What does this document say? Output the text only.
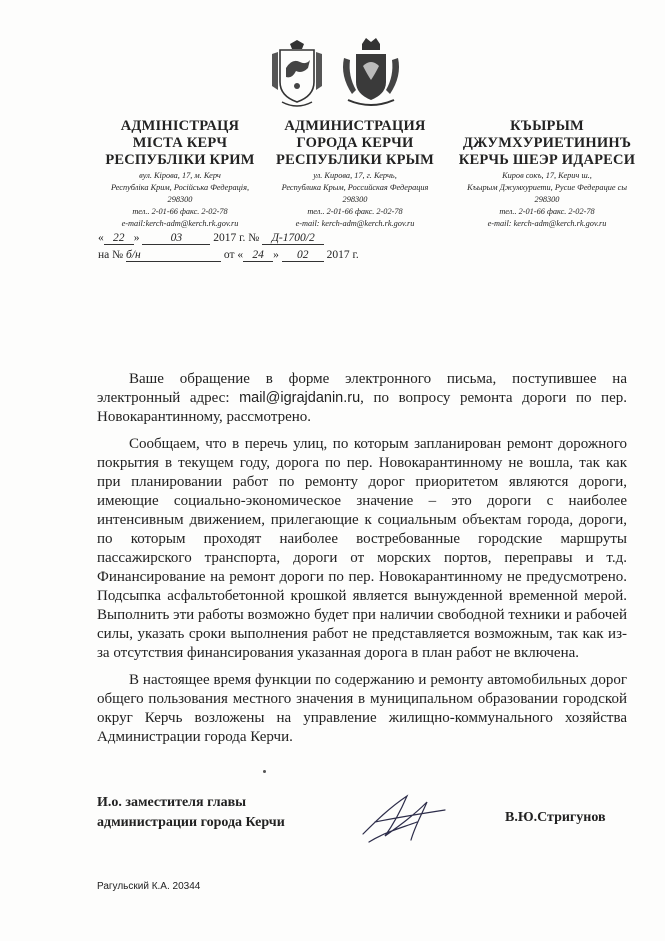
АДМІНІСТРАЦЯ
МІСТА КЕРЧ
РЕСПУБЛІКИ КРИМ
вул. Кірова, 17, м. Керч
Республіка Крим, Російська Федерація,
298300
тел.. 2-01-66 факс. 2-02-78
e-mail:kerch-adm@kerch.rk.gov.ru
АДМИНИСТРАЦИЯ
ГОРОДА КЕРЧИ
РЕСПУБЛИКИ КРЫМ
ул. Кирова, 17, г. Керчь,
Республика Крым, Российская Федерация
298300
тел.. 2-01-66 факс. 2-02-78
e-mail: kerch-adm@kerch.rk.gov.ru
КЪЫРЫМ
ДЖУМХУРИЕТИНИНЪ
КЕРЧЬ ШЕЭР ИДАРЕСИ
Киров сокъ, 17, Керич ш.,
Къырым Джумхуриети, Русие Федерацие сы
298300
тел.. 2-01-66 факс. 2-02-78
e-mail: kerch-adm@kerch.rk.gov.ru
« 22 »	03	2017 г. № Д-1700/2
на № б/н	от « 24 » 02 2017 г.

Ваше обращение в форме электронного письма, поступившее на электронный адрес: mail@igrajdanin.ru, по вопросу ремонта дороги по пер. Новокарантинному, рассмотрено.

Сообщаем, что в перечь улиц, по которым запланирован ремонт дорожного покрытия в текущем году, дорога по пер. Новокарантинному не вошла, так как при планировании работ по ремонту дорог приоритетом являются дороги, имеющие социально-экономическое значение – это дороги с наиболее интенсивным движением, прилегающие к социальным объектам города, дороги, по которым проходят наиболее востребованные городские маршруты пассажирского транспорта, дороги от морских портов, переправы и т.д. Финансирование на ремонт дороги по пер. Новокарантинному не предусмотрено. Подсыпка асфальтобетонной крошкой является вынужденной временной мерой. Выполнить эти работы возможно будет при наличии свободной техники и рабочей силы, указать сроки выполнения работ не представляется возможным, так как из-за отсутствия финансирования указанная дорога в план работ не включена.

В настоящее время функции по содержанию и ремонту автомобильных дорог общего пользования местного значения в муниципальном образовании городской округ Керчь возложены на управление жилищно-коммунального хозяйства Администрации города Керчи.

И.о. заместителя главы
администрации города Керчи	В.Ю.Стригунов
Рагульский К.А. 20344
